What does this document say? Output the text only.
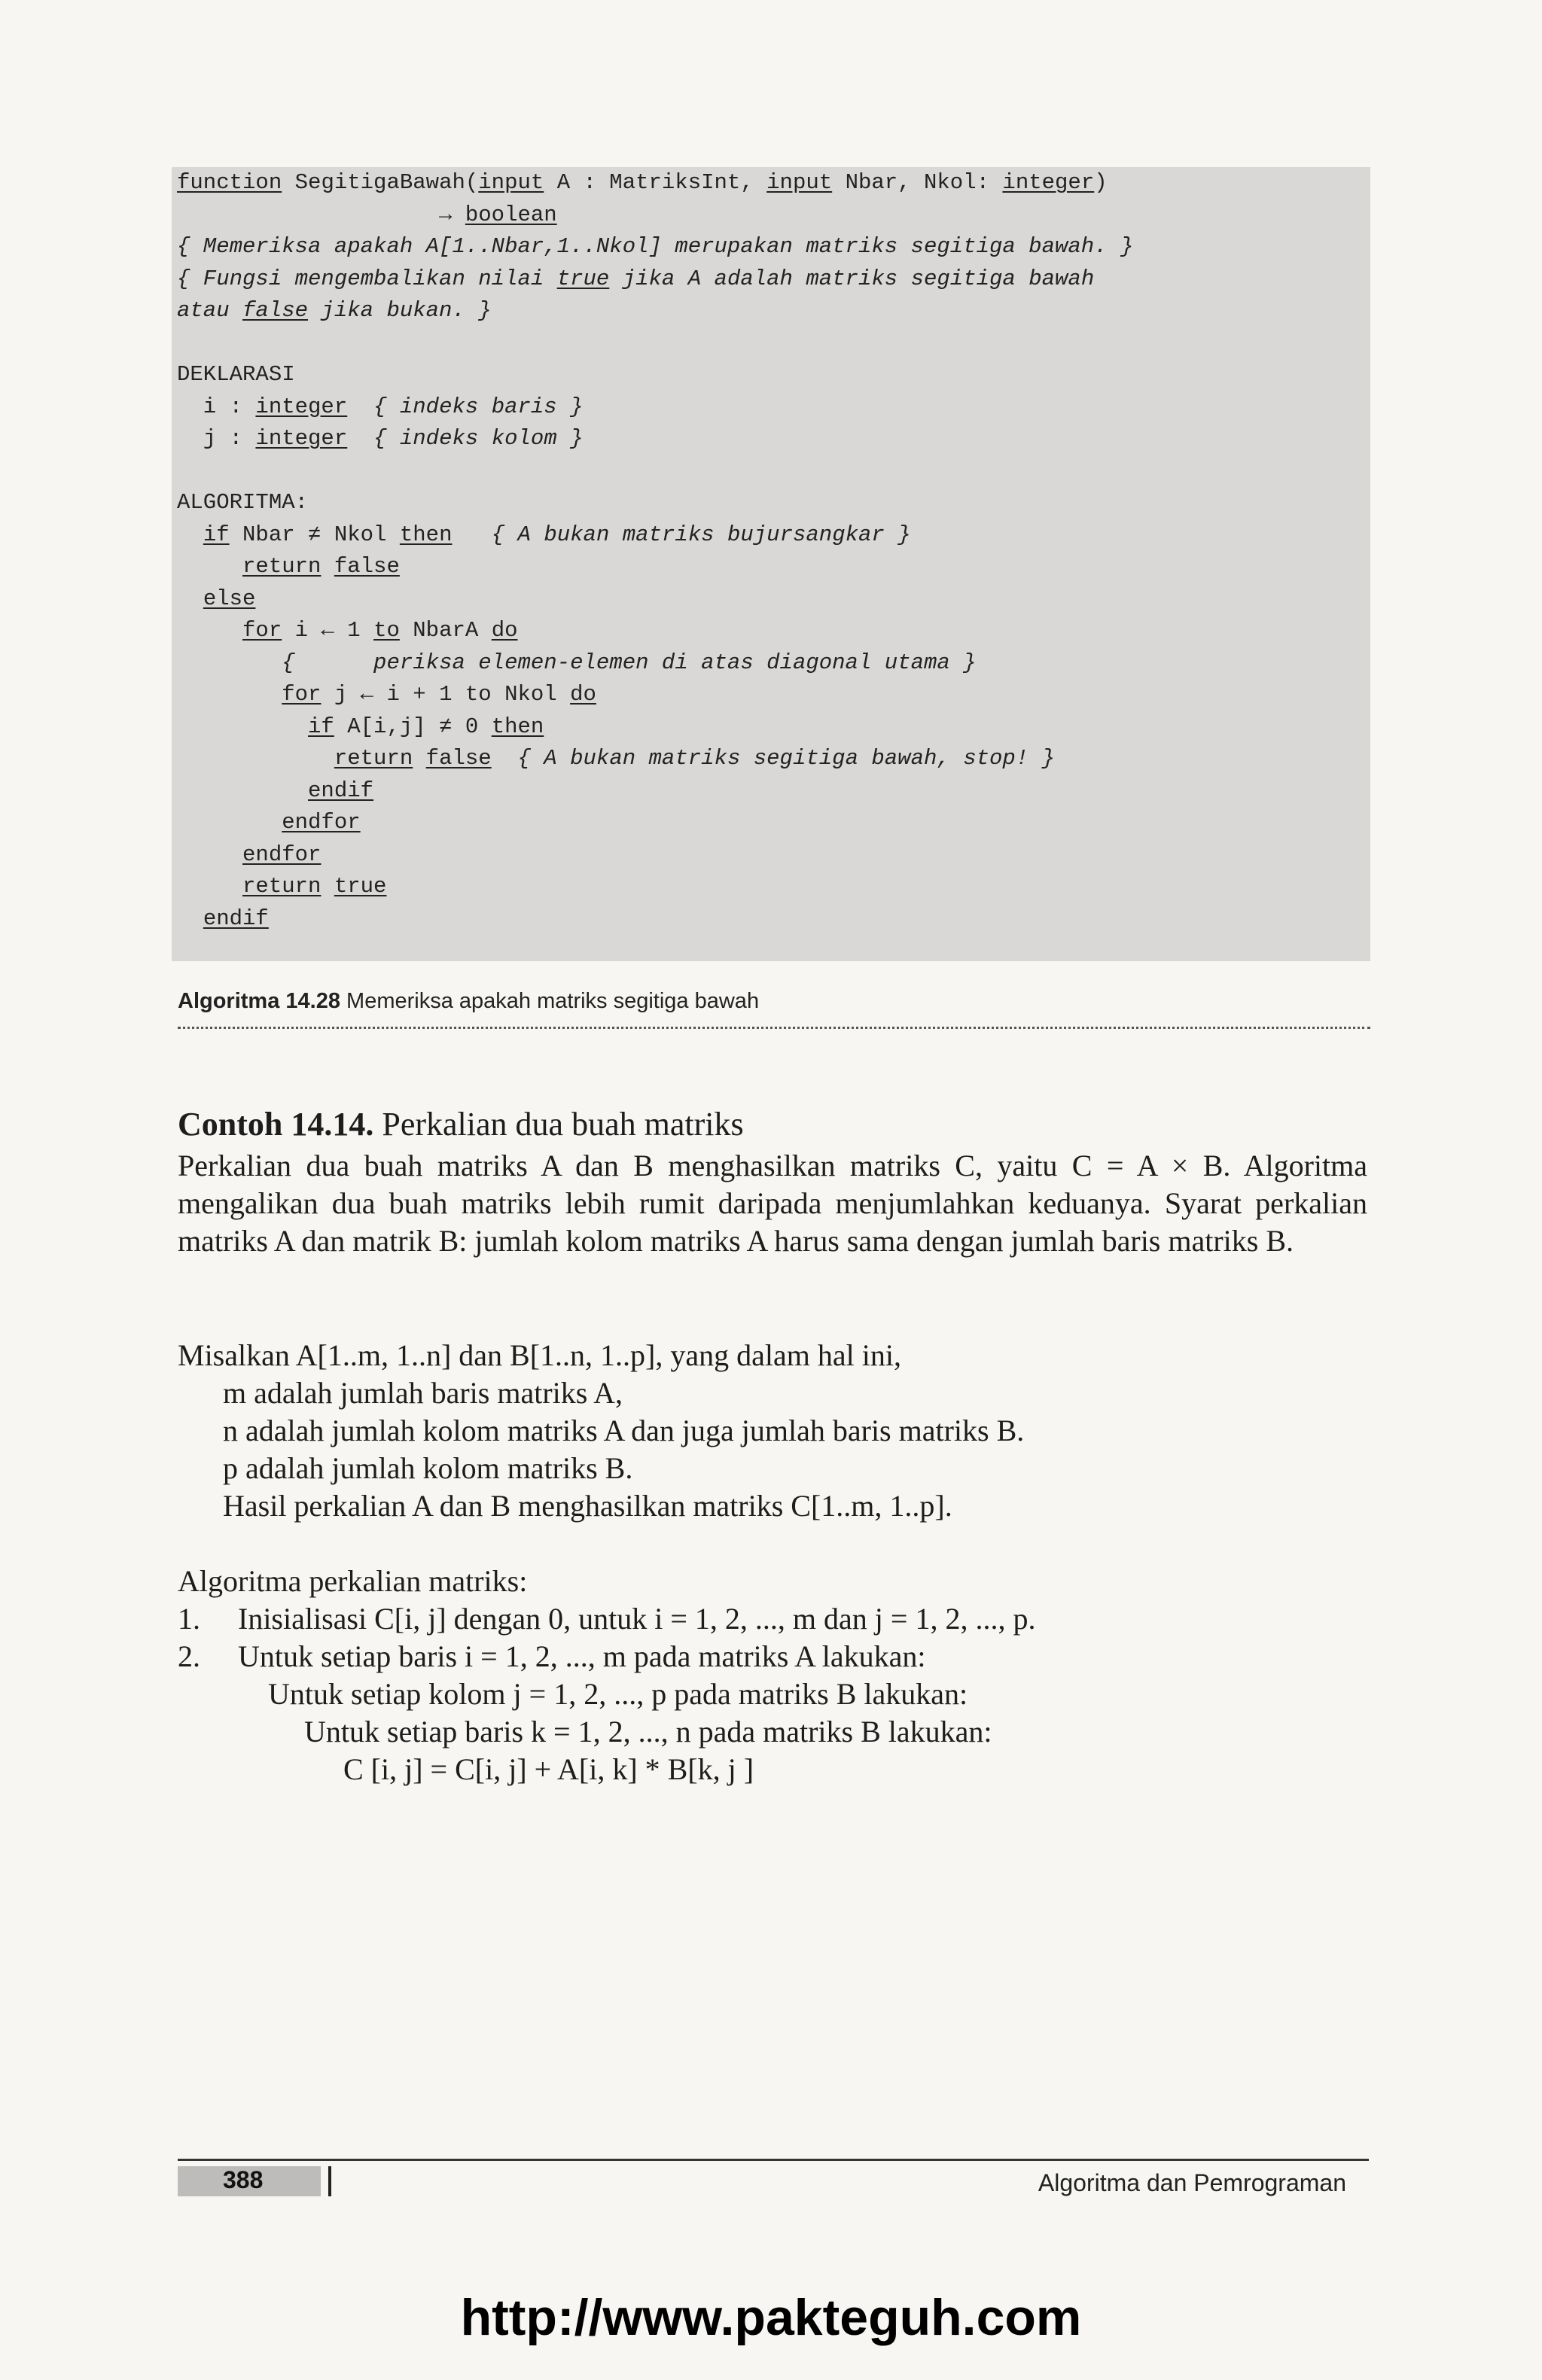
function SegitigaBawah(input A : MatriksInt, input Nbar, Nkol: integer)
→ boolean
{ Memeriksa apakah A[1..Nbar,1..Nkol] merupakan matriks segitiga bawah. }
{ Fungsi mengembalikan nilai true jika A adalah matriks segitiga bawah
atau false jika bukan. }
DEKLARASI
i : integer { indeks baris }
j : integer { indeks kolom }
ALGORITMA:
if Nbar ≠ Nkol then { A bukan matriks bujursangkar }
return false
else
for i ← 1 to NbarA do
{      periksa elemen-elemen di atas diagonal utama }
for j ← i + 1 to Nkol do
if A[i,j] ≠ 0 then
return false { A bukan matriks segitiga bawah, stop! }
endif
endfor
endfor
return true
endif
Algoritma 14.28 Memeriksa apakah matriks segitiga bawah
Contoh 14.14. Perkalian dua buah matriks

Perkalian dua buah matriks A dan B menghasilkan matriks C, yaitu C = A × B. Algoritma mengalikan dua buah matriks lebih rumit daripada menjumlahkan keduanya. Syarat perkalian matriks A dan matrik B: jumlah kolom matriks A harus sama dengan jumlah baris matriks B.

Misalkan A[1..m, 1..n] dan B[1..n, 1..p], yang dalam hal ini,
m adalah jumlah baris matriks A,
n adalah jumlah kolom matriks A dan juga jumlah baris matriks B.
p adalah jumlah kolom matriks B.
Hasil perkalian A dan B menghasilkan matriks C[1..m, 1..p].
Algoritma perkalian matriks:
1. Inisialisasi C[i, j] dengan 0, untuk i = 1, 2, ..., m dan j = 1, 2, ..., p.
2. Untuk setiap baris i = 1, 2, ..., m pada matriks A lakukan:
Untuk setiap kolom j = 1, 2, ..., p pada matriks B lakukan:
Untuk setiap baris k = 1, 2, ..., n pada matriks B lakukan:
C [i, j] = C[i, j] + A[i, k] * B[k, j ]
388	Algoritma dan Pemrograman
http://www.pakteguh.com
